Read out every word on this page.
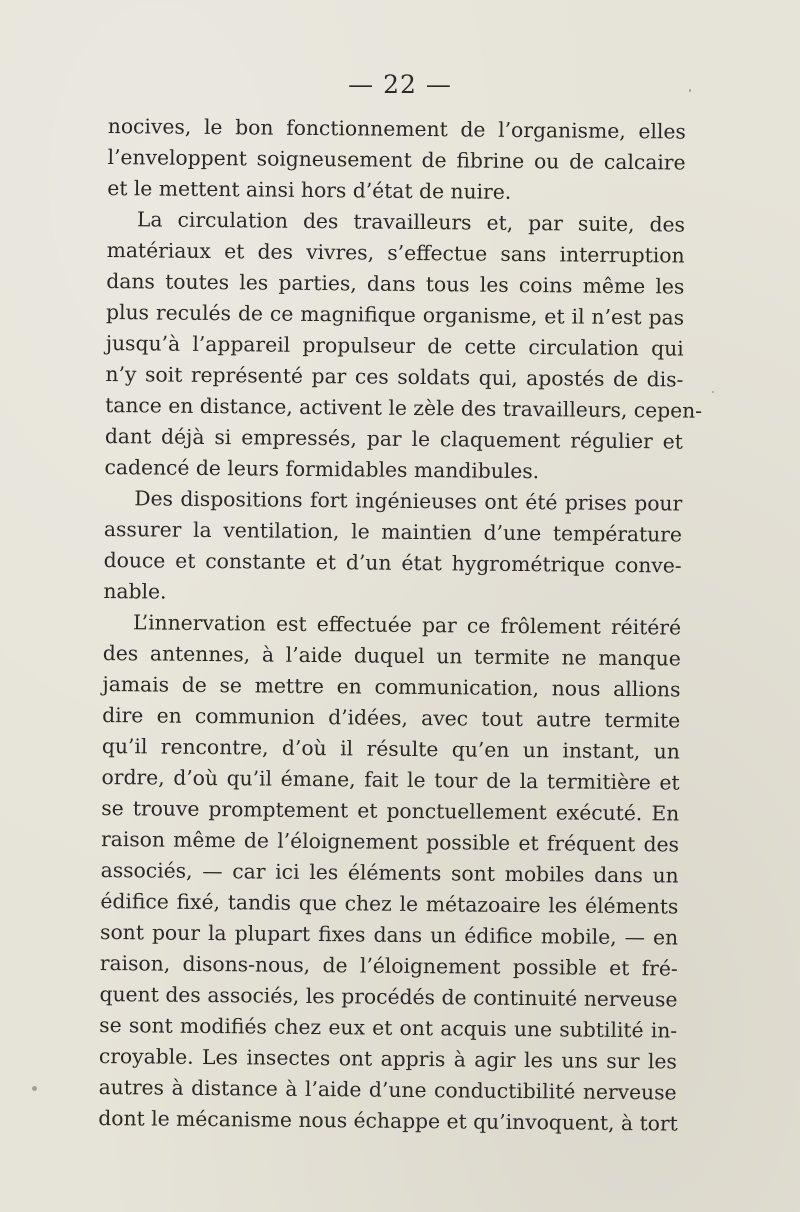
— 22 —
nocives, le bon fonctionnement de l’organisme, elles
l’enveloppent soigneusement de fibrine ou de calcaire
et le mettent ainsi hors d’état de nuire.
La circulation des travailleurs et, par suite, des
matériaux et des vivres, s’effectue sans interruption
dans toutes les parties, dans tous les coins même les
plus reculés de ce magnifique organisme, et il n’est pas
jusqu’à l’appareil propulseur de cette circulation qui
n’y soit représenté par ces soldats qui, apostés de dis-
tance en distance, activent le zèle des travailleurs, cepen-
dant déjà si empressés, par le claquement régulier et
cadencé de leurs formidables mandibules.
Des dispositions fort ingénieuses ont été prises pour
assurer la ventilation, le maintien d’une température
douce et constante et d’un état hygrométrique conve-
nable.
L’innervation est effectuée par ce frôlement réitéré
des antennes, à l’aide duquel un termite ne manque
jamais de se mettre en communication, nous allions
dire en communion d’idées, avec tout autre termite
qu’il rencontre, d’où il résulte qu’en un instant, un
ordre, d’où qu’il émane, fait le tour de la termitière et
se trouve promptement et ponctuellement exécuté. En
raison même de l’éloignement possible et fréquent des
associés, — car ici les éléments sont mobiles dans un
édifice fixé, tandis que chez le métazoaire les éléments
sont pour la plupart fixes dans un édifice mobile, — en
raison, disons-nous, de l’éloignement possible et fré-
quent des associés, les procédés de continuité nerveuse
se sont modifiés chez eux et ont acquis une subtilité in-
croyable. Les insectes ont appris à agir les uns sur les
autres à distance à l’aide d’une conductibilité nerveuse
dont le mécanisme nous échappe et qu’invoquent, à tort
